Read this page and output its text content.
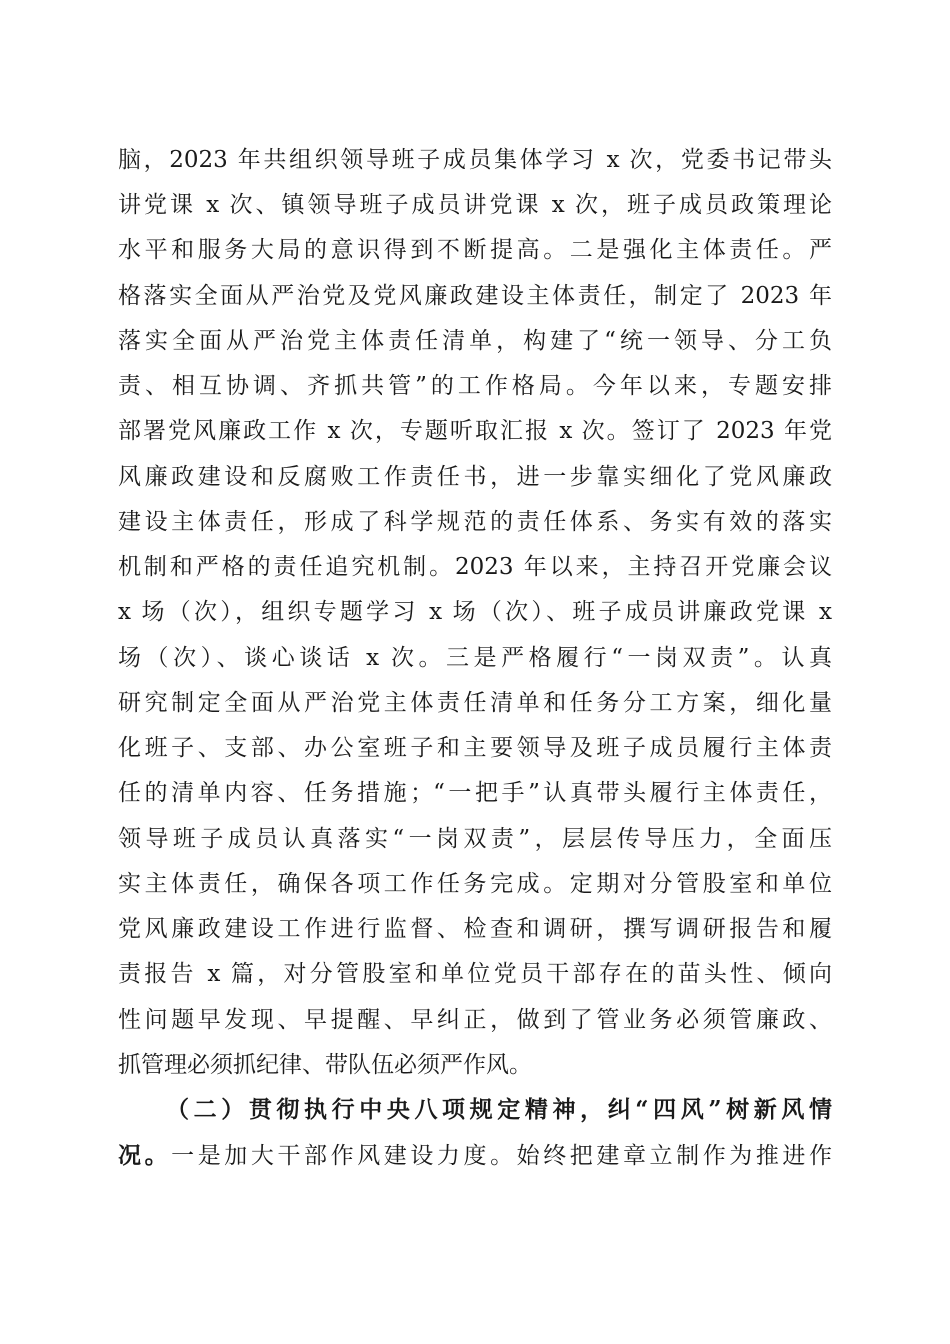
脑，2023 年共组织领导班子成员集体学习 x 次，党委书记带头
讲党课 x 次、镇领导班子成员讲党课 x 次，班子成员政策理论
水平和服务大局的意识得到不断提高。二是强化主体责任。严
格落实全面从严治党及党风廉政建设主体责任，制定了 2023 年
落实全面从严治党主体责任清单，构建了“统一领导、分工负
责、相互协调、齐抓共管”的工作格局。今年以来，专题安排
部署党风廉政工作 x 次，专题听取汇报 x 次。签订了 2023 年党
风廉政建设和反腐败工作责任书，进一步靠实细化了党风廉政
建设主体责任，形成了科学规范的责任体系、务实有效的落实
机制和严格的责任追究机制。2023 年以来，主持召开党廉会议
x 场（次），组织专题学习 x 场（次）、班子成员讲廉政党课 x
场（次）、谈心谈话 x 次。三是严格履行“一岗双责”。认真
研究制定全面从严治党主体责任清单和任务分工方案，细化量
化班子、支部、办公室班子和主要领导及班子成员履行主体责
任的清单内容、任务措施；“一把手”认真带头履行主体责任，
领导班子成员认真落实“一岗双责”，层层传导压力，全面压
实主体责任，确保各项工作任务完成。定期对分管股室和单位
党风廉政建设工作进行监督、检查和调研，撰写调研报告和履
责报告 x 篇，对分管股室和单位党员干部存在的苗头性、倾向
性问题早发现、早提醒、早纠正，做到了管业务必须管廉政、
抓管理必须抓纪律、带队伍必须严作风。
（二）贯彻执行中央八项规定精神，纠“四风”树新风情
况。一是加大干部作风建设力度。始终把建章立制作为推进作
